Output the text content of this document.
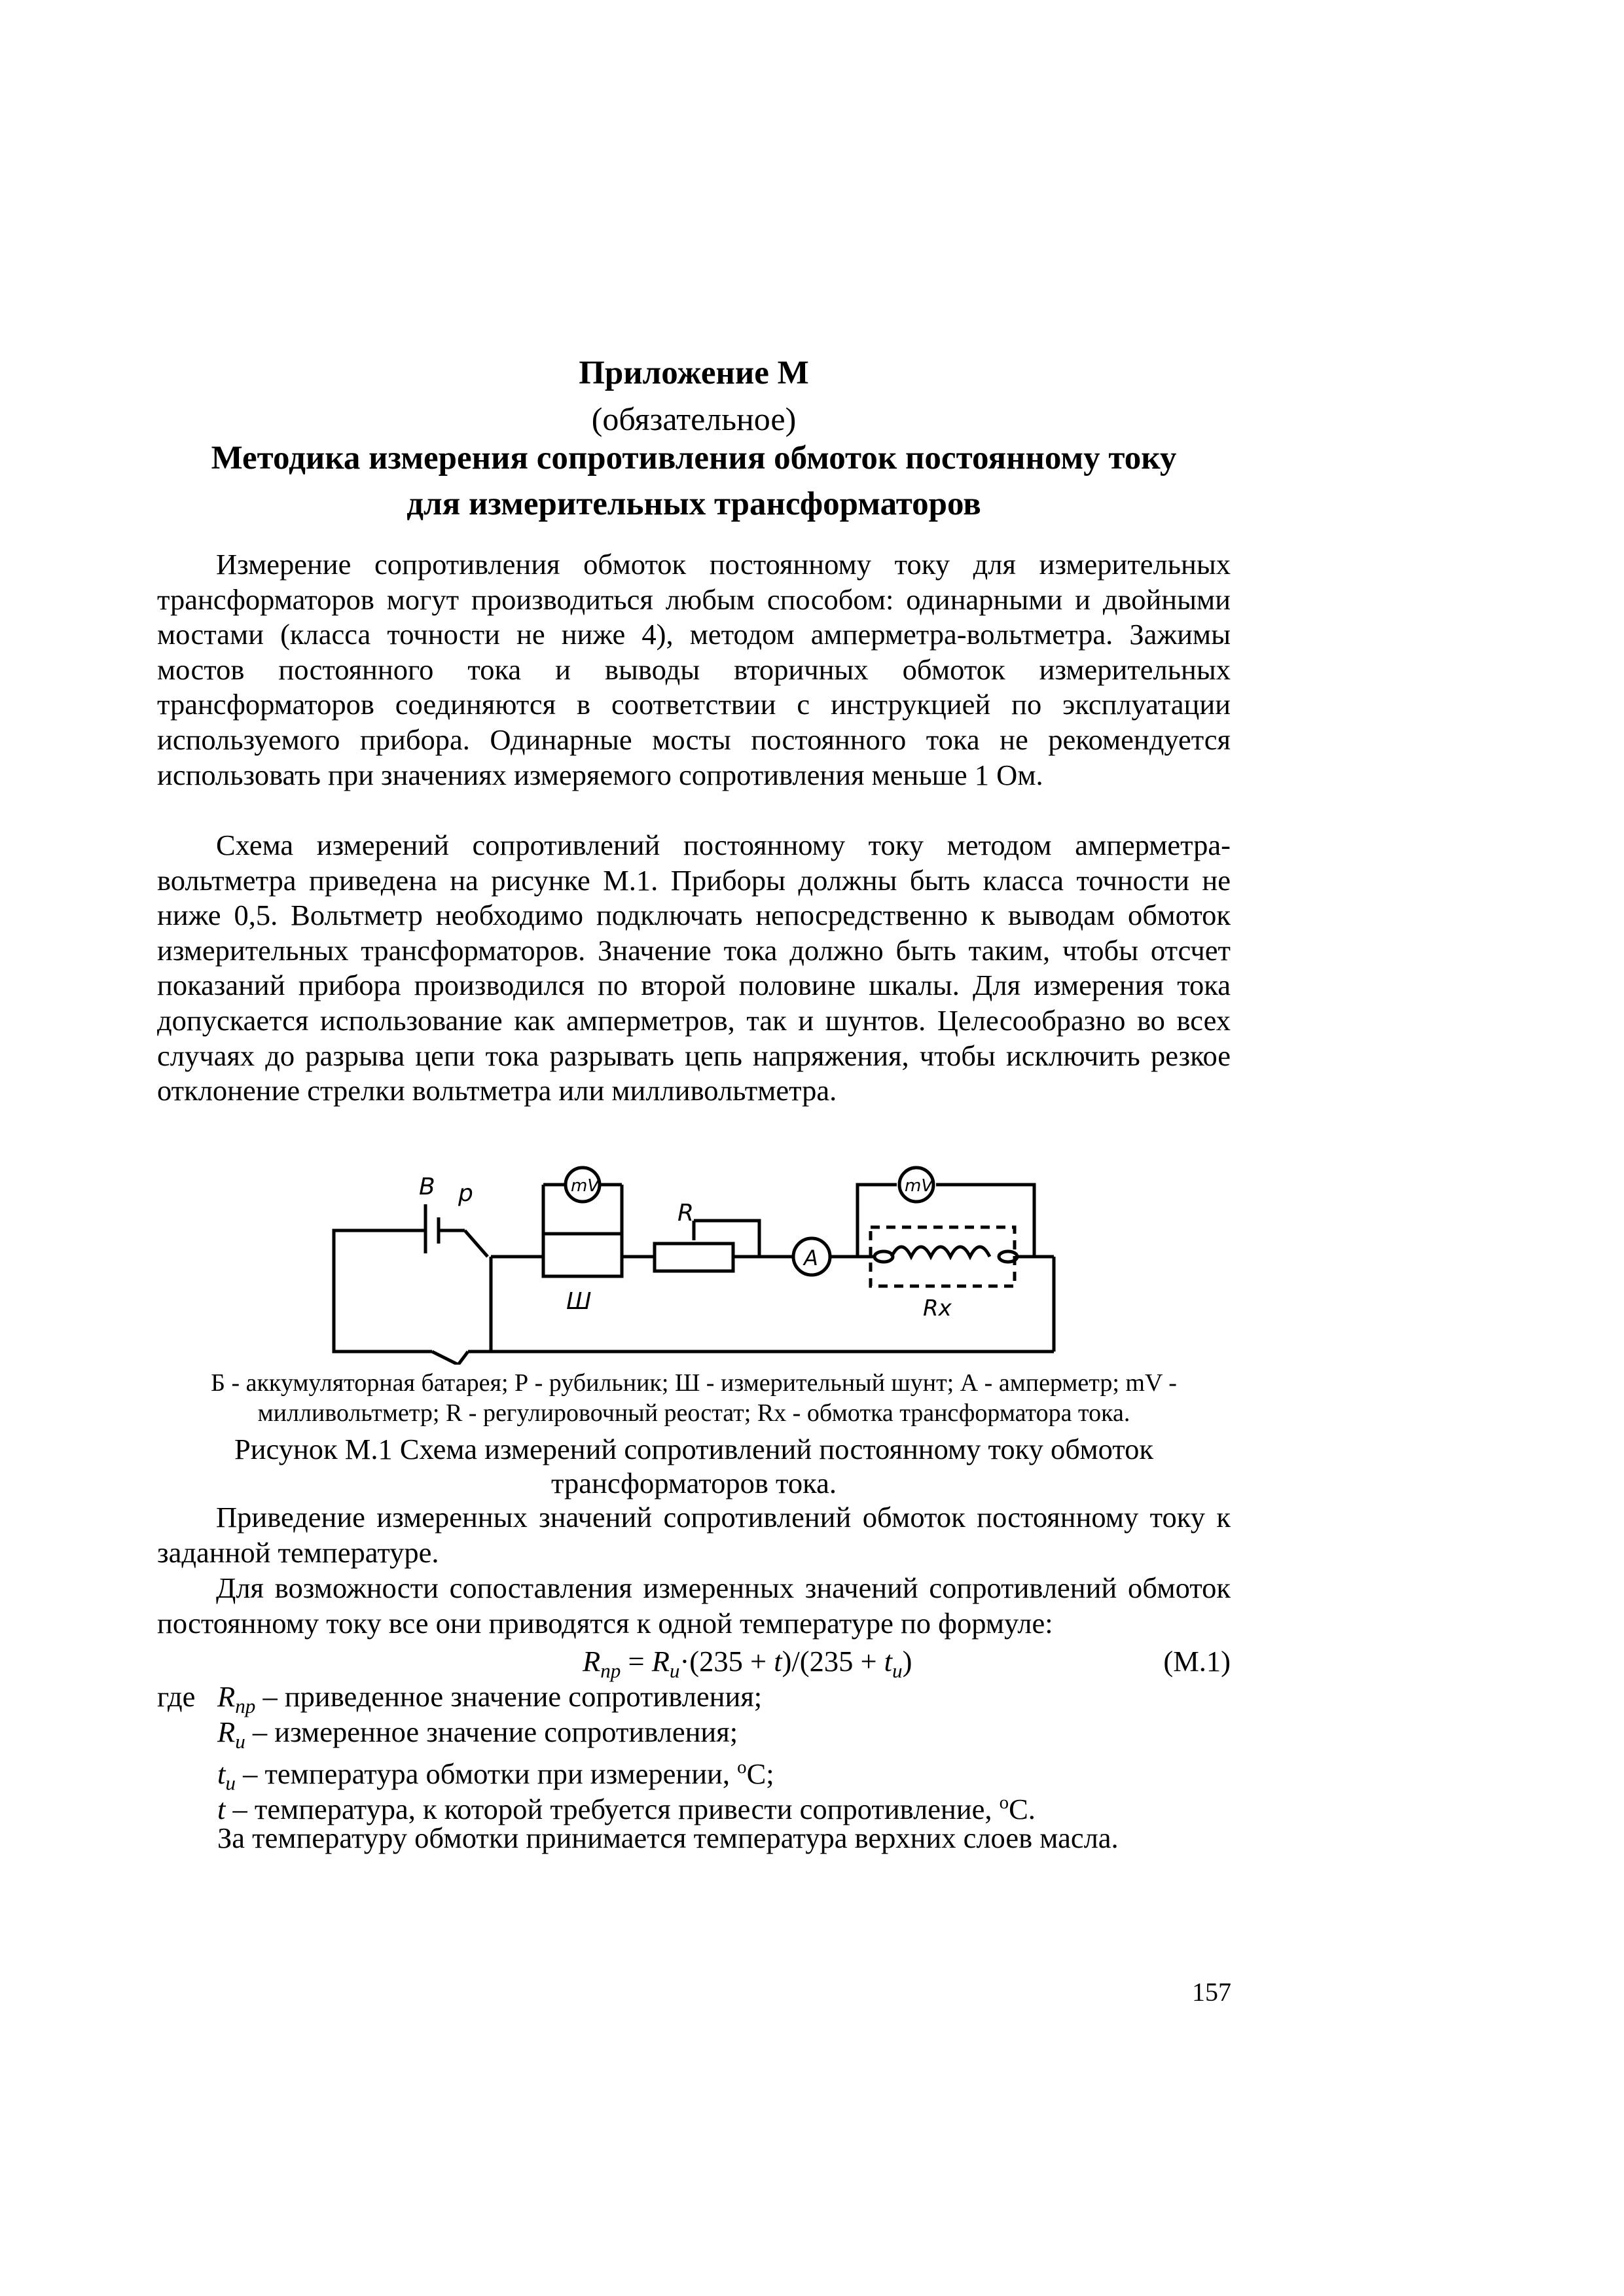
Приложение М
(обязательное)
Методика измерения сопротивления обмоток постоянному току
для измерительных трансформаторов

Измерение сопротивления обмоток постоянному току для измерительных трансформаторов могут производиться любым способом: одинарными и двойными мостами (класса точности не ниже 4), методом амперметра-вольтметра. Зажимы мостов постоянного тока и выводы вторичных обмоток измерительных трансформаторов соединяются в соответствии с инструкцией по эксплуатации используемого прибора. Одинарные мосты постоянного тока не рекомендуется использовать при значениях измеряемого сопротивления меньше 1 Ом.

Схема измерений сопротивлений постоянному току методом амперметра-вольтметра приведена на рисунке М.1. Приборы должны быть класса точности не ниже 0,5. Вольтметр необходимо подключать непосредственно к выводам обмоток измерительных трансформаторов. Значение тока должно быть таким, чтобы отсчет показаний прибора производился по второй половине шкалы. Для измерения тока допускается использование как амперметров, так и шунтов. Целесообразно во всех случаях до разрыва цепи тока разрывать цепь напряжения, чтобы исключить резкое отклонение стрелки вольтметра или милливольтметра.

В р	mV
Ш
R
A
mV
Rx
Б - аккумуляторная батарея; Р - рубильник; Ш - измерительный шунт; А - амперметр; mV -
милливольтметр; R - регулировочный реостат; Rx - обмотка трансформатора тока.
Рисунок М.1 Схема измерений сопротивлений постоянному току обмоток
трансформаторов тока.

Приведение измеренных значений сопротивлений обмоток постоянному току к заданной температуре.

Для возможности сопоставления измеренных значений сопротивлений обмоток постоянному току все они приводятся к одной температуре по формуле:

$R_{пр} = R_и\cdot(235 + t)/(235 + t_и)$	(М.1)
где $R_{пр}$ – приведенное значение сопротивления;
$R_и$ – измеренное значение сопротивления;
$t_и$ – температура обмотки при измерении, $^o$С;
t – температура, к которой требуется привести сопротивление, $^o$С.
За температуру обмотки принимается температура верхних слоев масла.
157
